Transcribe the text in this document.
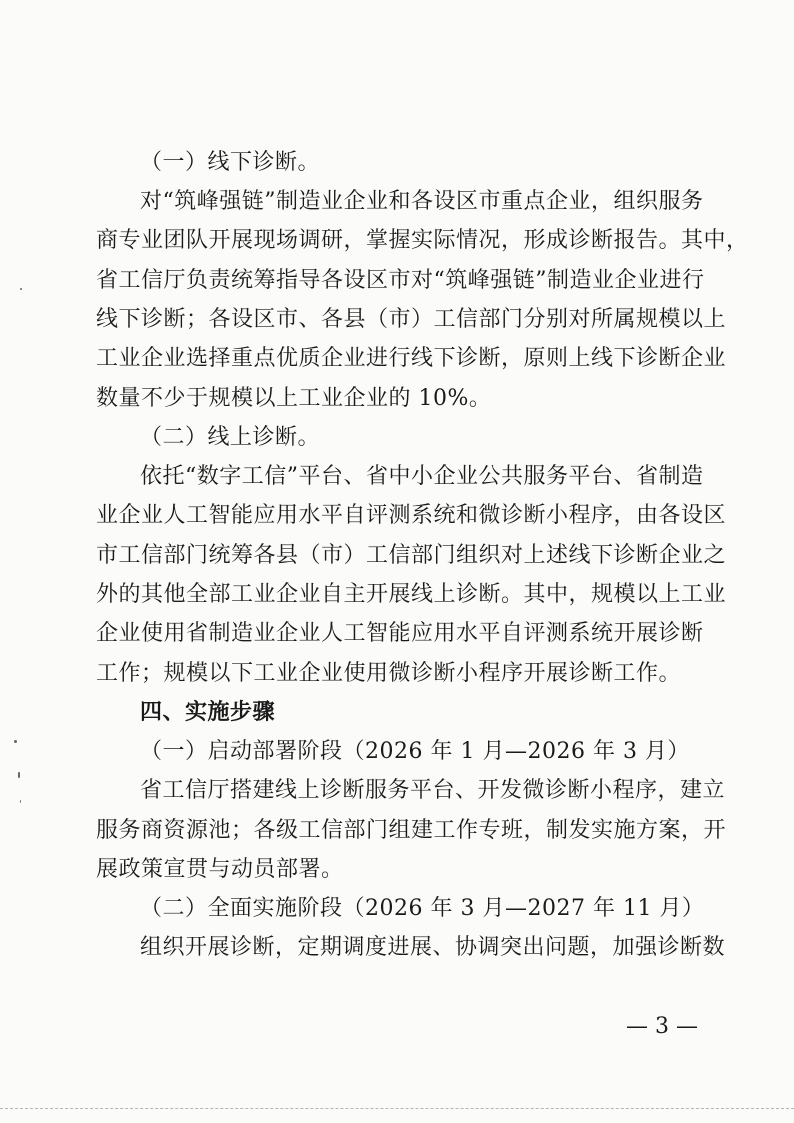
（一）线下诊断。
对“筑峰强链”制造业企业和各设区市重点企业，组织服务
商专业团队开展现场调研，掌握实际情况，形成诊断报告。其中，
省工信厅负责统筹指导各设区市对“筑峰强链”制造业企业进行
线下诊断；各设区市、各县（市）工信部门分别对所属规模以上
工业企业选择重点优质企业进行线下诊断，原则上线下诊断企业
数量不少于规模以上工业企业的 10%。
（二）线上诊断。
依托“数字工信”平台、省中小企业公共服务平台、省制造
业企业人工智能应用水平自评测系统和微诊断小程序，由各设区
市工信部门统筹各县（市）工信部门组织对上述线下诊断企业之
外的其他全部工业企业自主开展线上诊断。其中，规模以上工业
企业使用省制造业企业人工智能应用水平自评测系统开展诊断
工作；规模以下工业企业使用微诊断小程序开展诊断工作。
四、实施步骤
（一）启动部署阶段（2026 年 1 月—2026 年 3 月）
省工信厅搭建线上诊断服务平台、开发微诊断小程序，建立
服务商资源池；各级工信部门组建工作专班，制发实施方案，开
展政策宣贯与动员部署。
（二）全面实施阶段（2026 年 3 月—2027 年 11 月）
组织开展诊断，定期调度进展、协调突出问题，加强诊断数
— 3 —
